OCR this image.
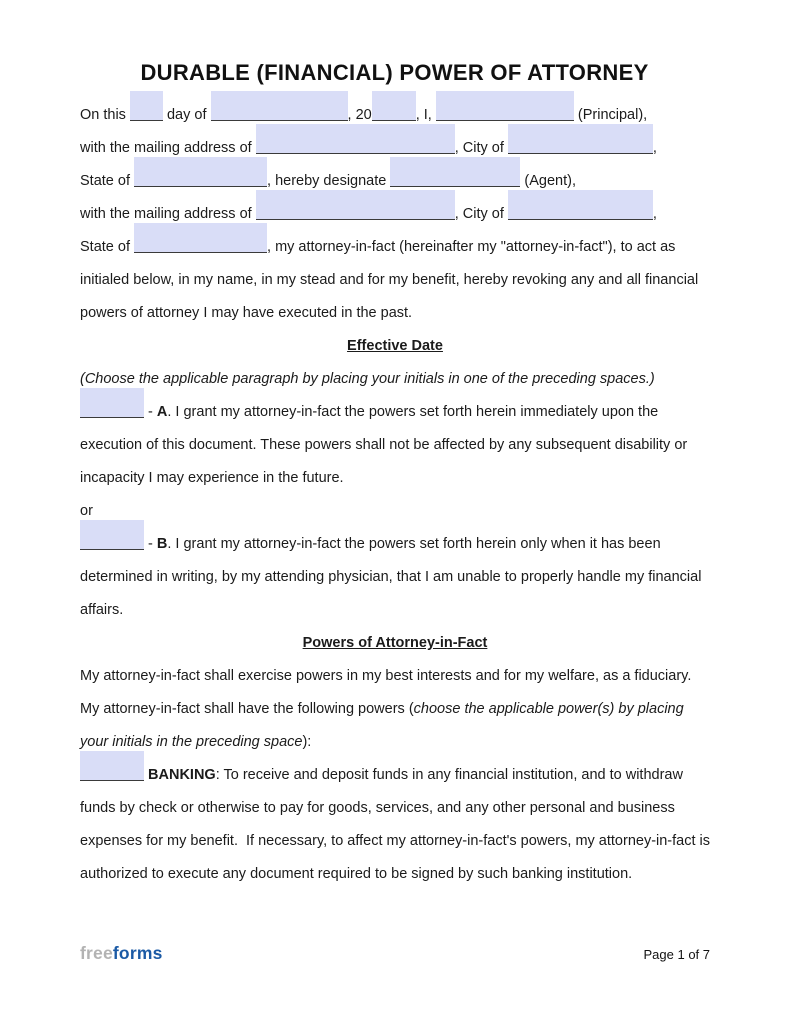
DURABLE (FINANCIAL) POWER OF ATTORNEY
On this  day of	, 20	, I,	(Principal),
with the mailing address of	, City of	,
State of	, hereby designate	(Agent),
with the mailing address of	, City of	,
State of	, my attorney-in-fact (hereinafter my "attorney-in-fact"), to act as
initialed below, in my name, in my stead and for my benefit, hereby revoking any and all financial
powers of attorney I may have executed in the past.
Effective Date
(Choose the applicable paragraph by placing your initials in one of the preceding spaces.)
- A. I grant my attorney-in-fact the powers set forth herein immediately upon the
execution of this document. These powers shall not be affected by any subsequent disability or
incapacity I may experience in the future.
or
- B. I grant my attorney-in-fact the powers set forth herein only when it has been
determined in writing, by my attending physician, that I am unable to properly handle my financial
affairs.
Powers of Attorney-in-Fact
My attorney-in-fact shall exercise powers in my best interests and for my welfare, as a fiduciary.
My attorney-in-fact shall have the following powers (choose the applicable power(s) by placing
your initials in the preceding space):
BANKING: To receive and deposit funds in any financial institution, and to withdraw
funds by check or otherwise to pay for goods, services, and any other personal and business
expenses for my benefit.  If necessary, to affect my attorney-in-fact's powers, my attorney-in-fact is
authorized to execute any document required to be signed by such banking institution.
freeforms	Page 1 of 7
